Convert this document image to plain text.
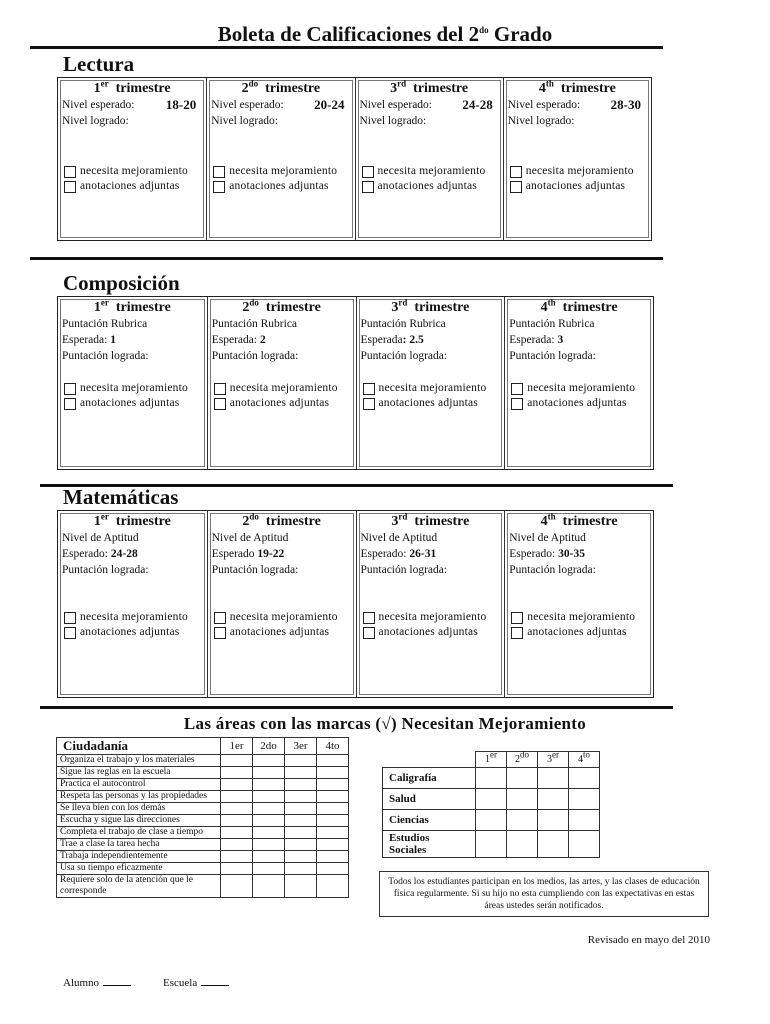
Boleta de Calificaciones del $2^{do}$ Grado
Lectura
1er trimestre
Nivel esperado: 18-20
Nivel logrado:
necesita mejoramiento
anotaciones adjuntas
$2^{do}$ trimestre
Nivel esperado: 20-24
Nivel logrado:
necesita mejoramiento
anotaciones adjuntas
3rd trimestre
Nivel esperado: 24-28
Nivel logrado:
necesita mejoramiento
anotaciones adjuntas
4th trimestre
Nivel esperado: 28-30
Nivel logrado:
necesita mejoramiento
anotaciones adjuntas
Composición
1er trimestre
Puntación Rubrica
Esperada: 1
Puntación lograda:
necesita mejoramiento
anotaciones adjuntas
$2^{do}$ trimestre
Puntación Rubrica
Esperada: 2
Puntación lograda:
necesita mejoramiento
anotaciones adjuntas
3rd trimestre
Puntación Rubrica
Esperada: 2.5
Puntación lograda:
necesita mejoramiento
anotaciones adjuntas
4th trimestre
Puntación Rubrica
Esperada: 3
Puntación lograda:
necesita mejoramiento
anotaciones adjuntas
Matemáticas
1er trimestre
Nivel de Aptitud
Esperado: 24-28
Puntación lograda:
necesita mejoramiento
anotaciones adjuntas
$2^{do}$ trimestre
Nivel de Aptitud
Esperado 19-22
Puntación lograda:
necesita mejoramiento
anotaciones adjuntas
3rd trimestre
Nivel de Aptitud
Esperado: 26-31
Puntación lograda:
necesita mejoramiento
anotaciones adjuntas
4th trimestre
Nivel de Aptitud
Esperado: 30-35
Puntación lograda:
necesita mejoramiento
anotaciones adjuntas
Las áreas con las marcas (√) Necesitan Mejoramiento
Ciudadanía	1er	2do	3er	4to
Organiza el trabajo y los materiales				
Sigue las reglas en la escuela				
Practica el autocontrol				
Respeta las personas y las propiedades				
Se lleva bien con los demás				
Escucha y sigue las direcciones				
Completa el trabajo de clase a tiempo				
Trae a clase la tarea hecha				
Trabaja independientemente				
Usa su tiempo eficazmente				
Requiere solo de la atención que le corresponde				
	1er	$2^{do}$	3er	$4^{to}$
Caligrafía				
Salud				
Ciencias				
Estudios Sociales				
Todos los estudiantes participan en los medios, las artes, y las clases de educación física regularmente. Si su hijo no esta cumpliendo con las expectativas en estas áreas ustedes serán notificados.
Revisado en mayo del 2010
Alumno	Escuela
